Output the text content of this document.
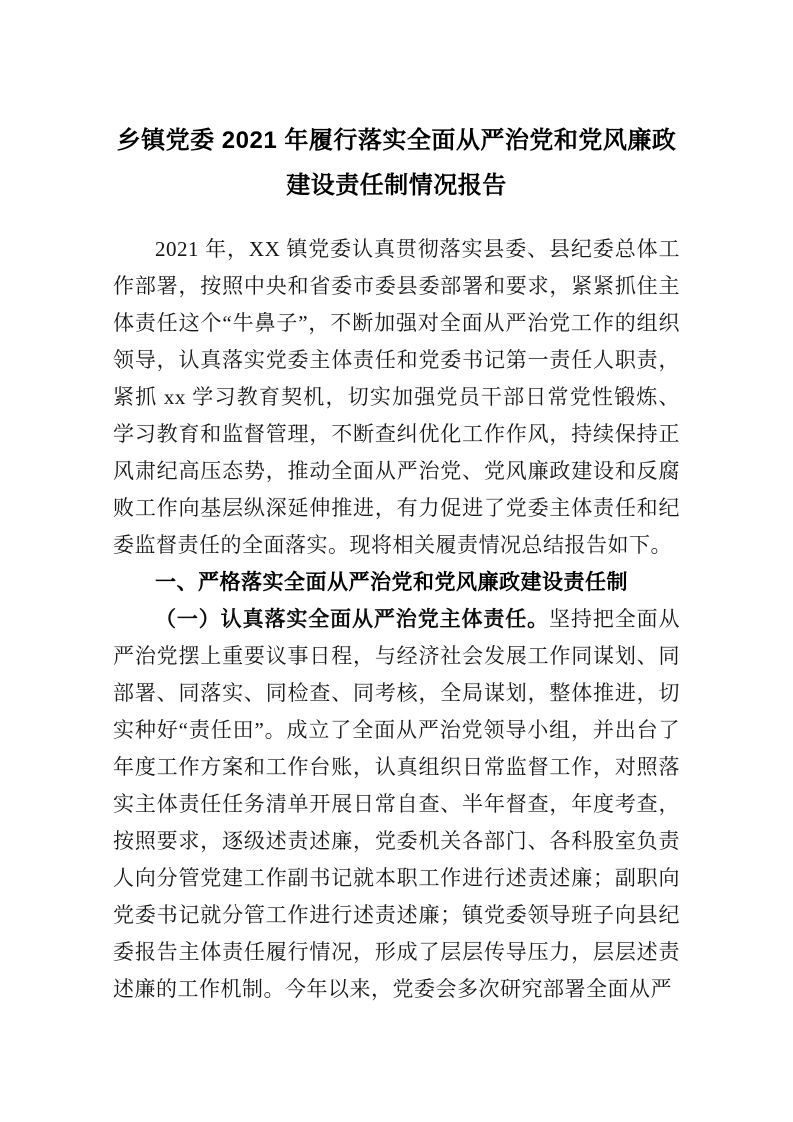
乡镇党委 2021 年履行落实全面从严治党和党风廉政建设责任制情况报告

2021 年，XX 镇党委认真贯彻落实县委、县纪委总体工作部署，按照中央和省委市委县委部署和要求，紧紧抓住主体责任这个“牛鼻子”，不断加强对全面从严治党工作的组织领导，认真落实党委主体责任和党委书记第一责任人职责，紧抓 xx 学习教育契机，切实加强党员干部日常党性锻炼、学习教育和监督管理，不断查纠优化工作作风，持续保持正风肃纪高压态势，推动全面从严治党、党风廉政建设和反腐败工作向基层纵深延伸推进，有力促进了党委主体责任和纪委监督责任的全面落实。现将相关履责情况总结报告如下。

一、严格落实全面从严治党和党风廉政建设责任制

（一）认真落实全面从严治党主体责任。坚持把全面从严治党摆上重要议事日程，与经济社会发展工作同谋划、同部署、同落实、同检查、同考核，全局谋划，整体推进，切实种好“责任田”。成立了全面从严治党领导小组，并出台了年度工作方案和工作台账，认真组织日常监督工作，对照落实主体责任任务清单开展日常自查、半年督查，年度考查，按照要求，逐级述责述廉，党委机关各部门、各科股室负责人向分管党建工作副书记就本职工作进行述责述廉；副职向党委书记就分管工作进行述责述廉；镇党委领导班子向县纪委报告主体责任履行情况，形成了层层传导压力，层层述责述廉的工作机制。今年以来，党委会多次研究部署全面从严
